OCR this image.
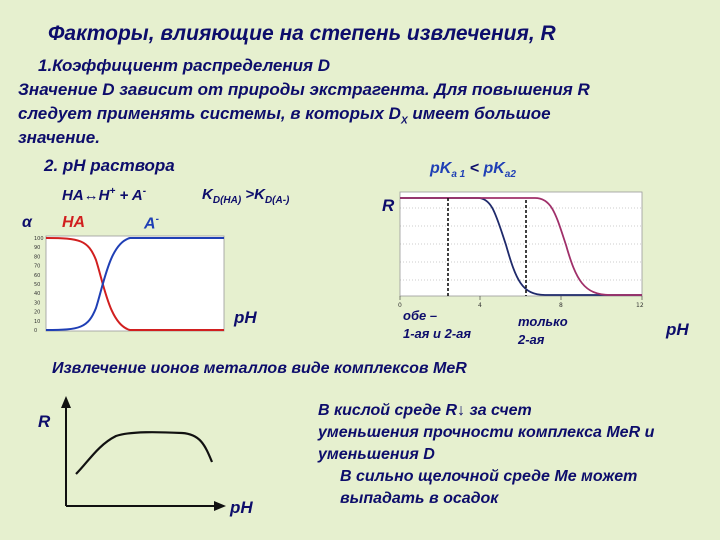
Факторы, влияющие на степень извлечения, R
1.Коэффициент распределения D
Значение D зависит от природы экстрагента. Для повышения R
следует применять системы, в которых $D_X$ имеет большое
значение.
2. pH раствора
HA↔H+ + A-	$K_{D(HA)} >K_{D(A-)}$
α HA	A-
pH
$pK_{a 1} < pK_{a2}$
R
обе –
1-ая и 2-ая
только
2-ая
pH
Извлечение ионов металлов виде комплексов MeR
R
pH
В кислой среде R↓ за счет
уменьшения прочности комплекса MeR и
уменьшения D
В сильно щелочной среде Me может
выпадать в осадок
100
90
80
70
60
50
40
30
20
10
0
0	4	8	12
